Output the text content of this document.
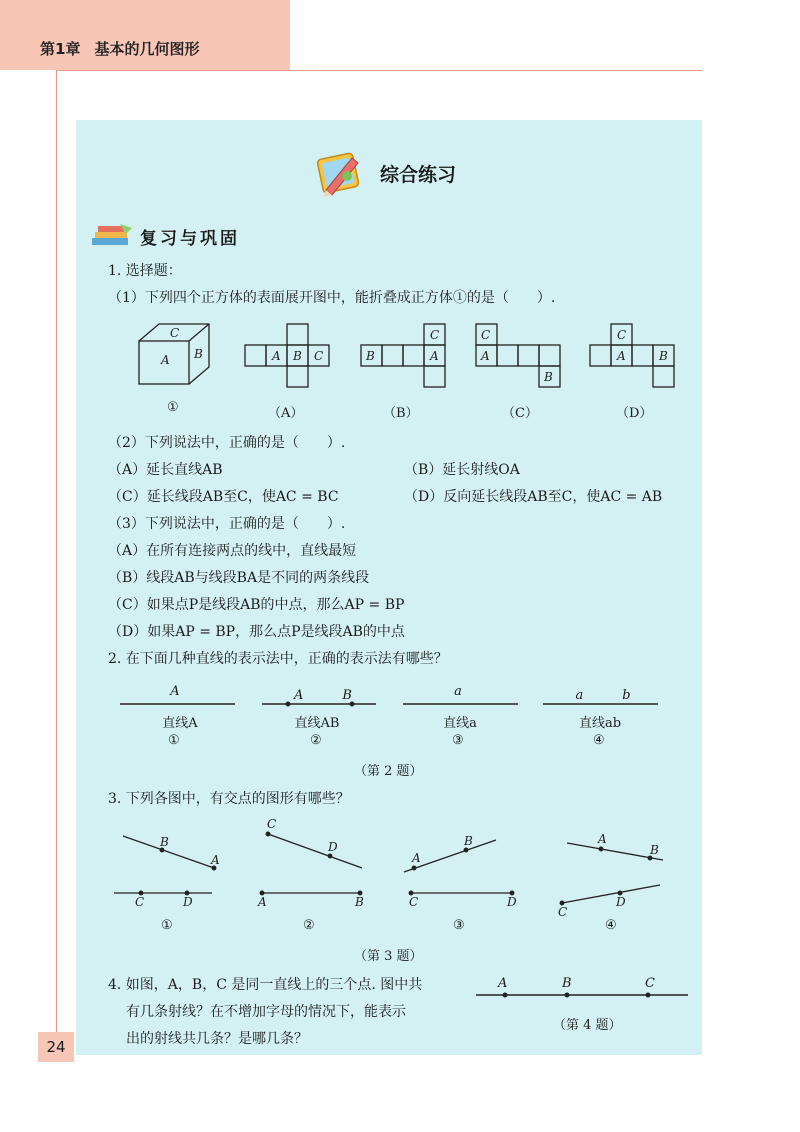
第1章 基本的几何图形
24
综合练习
复习与巩固
1. 选择题：
（1）下列四个正方体的表面展开图中，能折叠成正方体①的是（　　）.
C
A B	A B C	B
C
A
C
A
B
C
A	B
①	（A）	（B）	（C）	（D）
（2）下列说法中，正确的是（　　）.
（A）延长直线AB	（B）延长射线OA
（C）延长线段AB至C，使AC = BC	（D）反向延长线段AB至C，使AC = AB
（3）下列说法中，正确的是（　　）.
（A）在所有连接两点的线中，直线最短
（B）线段AB与线段BA是不同的两条线段
（C）如果点P是线段AB的中点，那么AP = BP
（D）如果AP = BP，那么点P是线段AB的中点
2. 在下面几种直线的表示法中，正确的表示法有哪些？
A	A　　　B	a	a　　　b
直线A	直线AB	直线a	直线ab
①	②	③	④
（第 2 题）
3. 下列各图中，有交点的图形有哪些？
B
A
C	D
C
D
A	B
A
B
C	D
A
B
C
D
①	②	③	④
（第 3 题）
4. 如图，A，B，C 是同一直线上的三个点. 图中共
有几条射线？在不增加字母的情况下，能表示
出的射线共几条？是哪几条？
A	B	C
（第 4 题）
